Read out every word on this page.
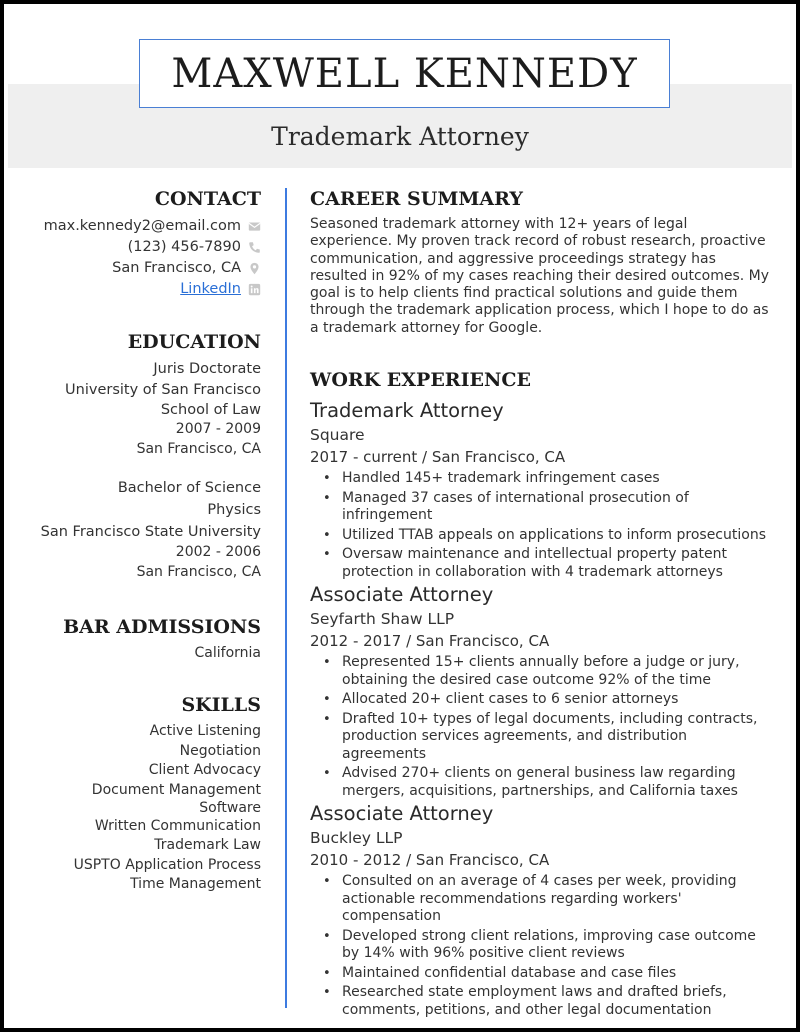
MAXWELL KENNEDY
Trademark Attorney
CONTACT
max.kennedy2@email.com
(123) 456-7890
San Francisco, CA
LinkedIn
EDUCATION
Juris Doctorate
University of San Francisco
School of Law
2007 - 2009
San Francisco, CA
Bachelor of Science
Physics
San Francisco State University
2002 - 2006
San Francisco, CA
BAR ADMISSIONS
California
SKILLS
Active Listening
Negotiation
Client Advocacy
Document Management Software
Written Communication
Trademark Law
USPTO Application Process
Time Management
CAREER SUMMARY
Seasoned trademark attorney with 12+ years of legal experience. My proven track record of robust research, proactive communication, and aggressive proceedings strategy has resulted in 92% of my cases reaching their desired outcomes. My goal is to help clients find practical solutions and guide them through the trademark application process, which I hope to do as a trademark attorney for Google.
WORK EXPERIENCE
Trademark Attorney
Square
2017 - current / San Francisco, CA
• Handled 145+ trademark infringement cases
• Managed 37 cases of international prosecution of infringement
• Utilized TTAB appeals on applications to inform prosecutions
• Oversaw maintenance and intellectual property patent protection in collaboration with 4 trademark attorneys
Associate Attorney
Seyfarth Shaw LLP
2012 - 2017 / San Francisco, CA
• Represented 15+ clients annually before a judge or jury, obtaining the desired case outcome 92% of the time
• Allocated 20+ client cases to 6 senior attorneys
• Drafted 10+ types of legal documents, including contracts, production services agreements, and distribution agreements
• Advised 270+ clients on general business law regarding mergers, acquisitions, partnerships, and California taxes
Associate Attorney
Buckley LLP
2010 - 2012 / San Francisco, CA
• Consulted on an average of 4 cases per week, providing actionable recommendations regarding workers' compensation
• Developed strong client relations, improving case outcome by 14% with 96% positive client reviews
• Maintained confidential database and case files
• Researched state employment laws and drafted briefs, comments, petitions, and other legal documentation
